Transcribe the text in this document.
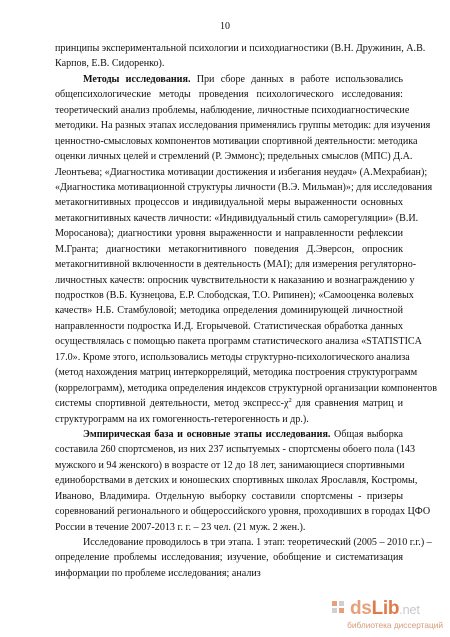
10
принципы экспериментальной психологии и психодиагностики (В.Н. Дружинин, А.В.
Карпов, Е.В. Сидоренко).
Методы исследования. При сборе данных в работе использовались
общепсихологические методы проведения психологического исследования:
теоретический анализ проблемы, наблюдение, личностные психодиагностические
методики. На разных этапах исследования применялись группы методик: для изучения
ценностно-смысловых компонентов мотивации спортивной деятельности: методика
оценки личных целей и стремлений (Р. Эммонс); предельных смыслов (МПС) Д.А.
Леонтьева; «Диагностика мотивации достижения и избегания неудач» (А.Мехрабиан);
«Диагностика мотивационной структуры личности (В.Э. Мильман)»; для исследования
метакогнитивных процессов и индивидуальной меры выраженности основных
метакогнитивных качеств личности: «Индивидуальный стиль саморегуляции» (В.И.
Моросанова); диагностики уровня выраженности и направленности рефлексии
М.Гранта; диагностики метакогнитивного поведения Д.Эверсон, опросник
метакогнитивной включенности в деятельность (MAI); для измерения регуляторно-
личностных качеств: опросник чувствительности к наказанию и вознаграждению у
подростков (В.Б. Кузнецова, Е.Р. Слободская, Т.О. Рипинен); «Самооценка волевых
качеств» Н.Б. Стамбуловой; методика определения доминирующей личностной
направленности подростка И.Д. Егорычевой. Статистическая обработка данных
осуществлялась с помощью пакета программ статистического анализа «STATISTICA
17.0». Кроме этого, использовались методы структурно-психологического анализа
(метод нахождения матриц интеркорреляций, методика построения структурограмм
(коррелограмм), методика определения индексов структурной организации компонентов
системы спортивной деятельности, метод экспресс-$\chi^2$ для сравнения матриц и
структурограмм на их гомогенность-гетерогенность и др.).
Эмпирическая база и основные этапы исследования. Общая выборка
составила 260 спортсменов, из них 237 испытуемых - спортсмены обоего пола (143
мужского и 94 женского) в возрасте от 12 до 18 лет, занимающиеся спортивными
единоборствами в детских и юношеских спортивных школах Ярославля, Костромы,
Иваново, Владимира. Отдельную выборку составили спортсмены - призеры
соревнований регионального и общероссийского уровня, проходивших в городах ЦФО
России в течение 2007-2013 г. г. – 23 чел. (21 муж. 2 жен.).
Исследование проводилось в три этапа. 1 этап: теоретический (2005 – 2010 г.г.) –
определение проблемы исследования; изучение, обобщение и систематизация
информации по проблеме исследования; анализ
dsLib.net
библиотека диссертаций
